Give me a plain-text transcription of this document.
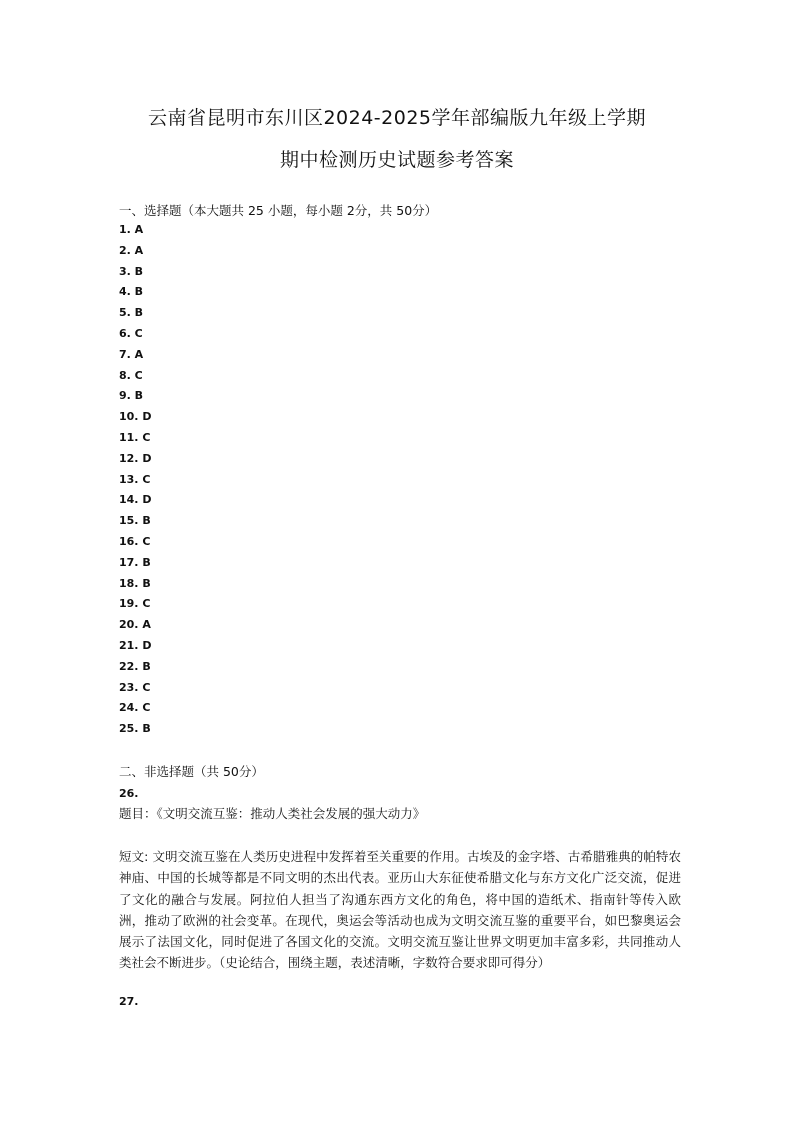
云南省昆明市东川区2024-2025学年部编版九年级上学期
期中检测历史试题参考答案
一、选择题（本大题共 25 小题，每小题 2分，共 50分）
1. A
2. A
3. B
4. B
5. B
6. C
7. A
8. C
9. B
10. D
11. C
12. D
13. C
14. D
15. B
16. C
17. B
18. B
19. C
20. A
21. D
22. B
23. C
24. C
25. B
二、非选择题（共 50分）
26.
题目：《文明交流互鉴：推动人类社会发展的强大动力》
短文: 文明交流互鉴在人类历史进程中发挥着至关重要的作用。古埃及的金字塔、古希腊雅典的帕特农神庙、中国的长城等都是不同文明的杰出代表。亚历山大东征使希腊文化与东方文化广泛交流，促进了文化的融合与发展。阿拉伯人担当了沟通东西方文化的角色，将中国的造纸术、指南针等传入欧洲，推动了欧洲的社会变革。在现代，奥运会等活动也成为文明交流互鉴的重要平台，如巴黎奥运会展示了法国文化，同时促进了各国文化的交流。文明交流互鉴让世界文明更加丰富多彩，共同推动人类社会不断进步。（史论结合，围绕主题，表述清晰，字数符合要求即可得分）
27.
